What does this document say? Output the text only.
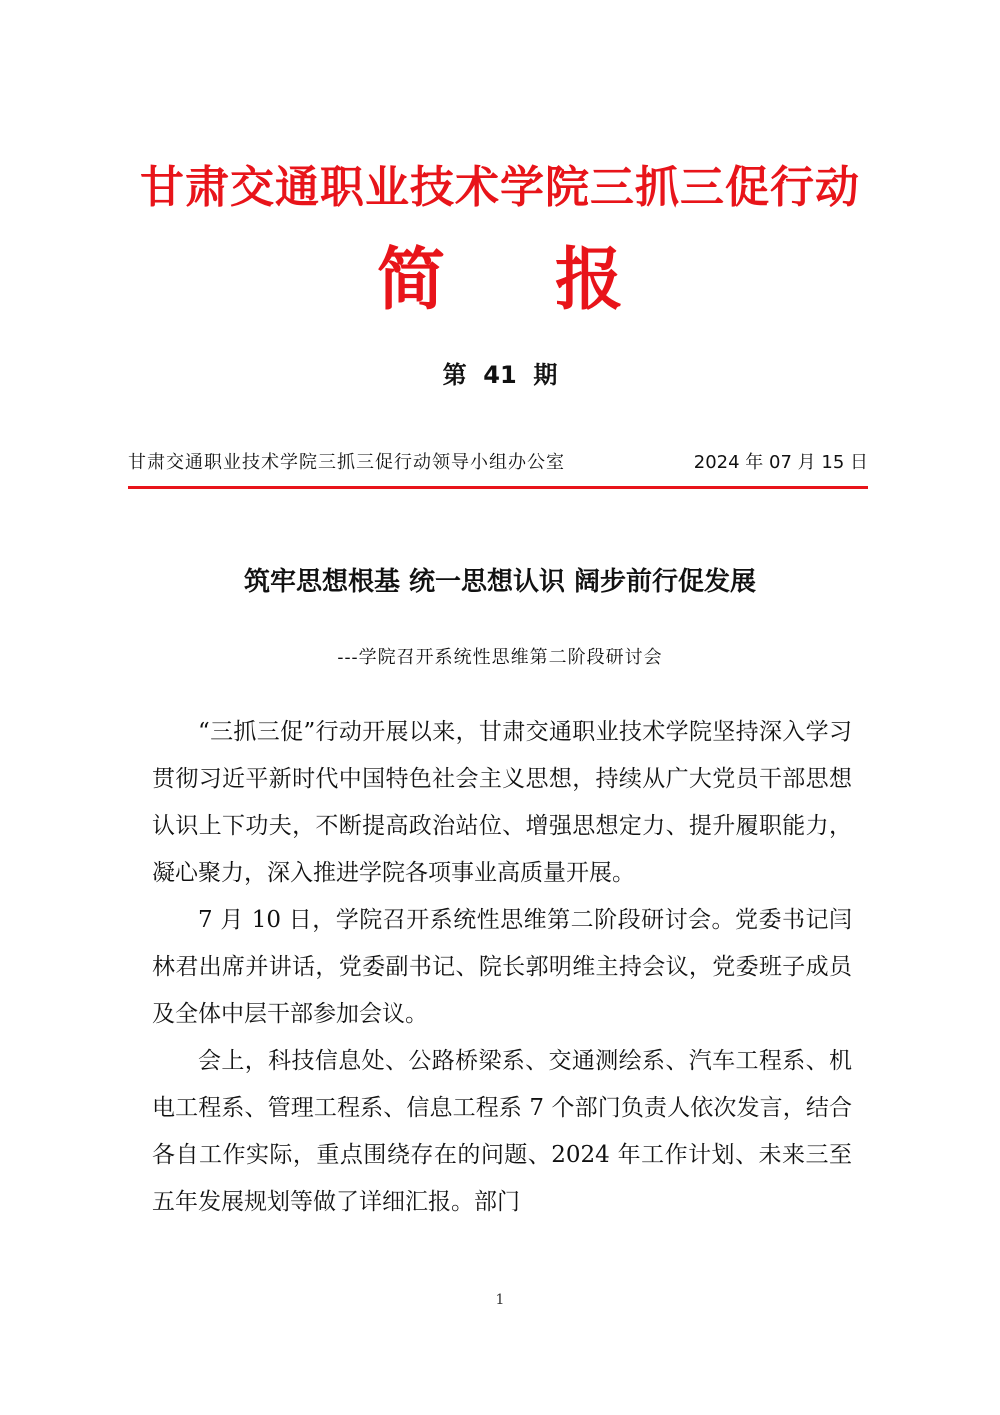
甘肃交通职业技术学院三抓三促行动
简 报
第  41  期
甘肃交通职业技术学院三抓三促行动领导小组办公室	2024 年 07 月 15 日
筑牢思想根基 统一思想认识 阔步前行促发展
---学院召开系统性思维第二阶段研讨会

“三抓三促”行动开展以来，甘肃交通职业技术学院坚持深入学习贯彻习近平新时代中国特色社会主义思想，持续从广大党员干部思想认识上下功夫，不断提高政治站位、增强思想定力、提升履职能力，凝心聚力，深入推进学院各项事业高质量开展。

7 月 10 日，学院召开系统性思维第二阶段研讨会。党委书记闫林君出席并讲话，党委副书记、院长郭明维主持会议，党委班子成员及全体中层干部参加会议。

会上，科技信息处、公路桥梁系、交通测绘系、汽车工程系、机电工程系、管理工程系、信息工程系 7 个部门负责人依次发言，结合各自工作实际，重点围绕存在的问题、2024 年工作计划、未来三至五年发展规划等做了详细汇报。部门

1
